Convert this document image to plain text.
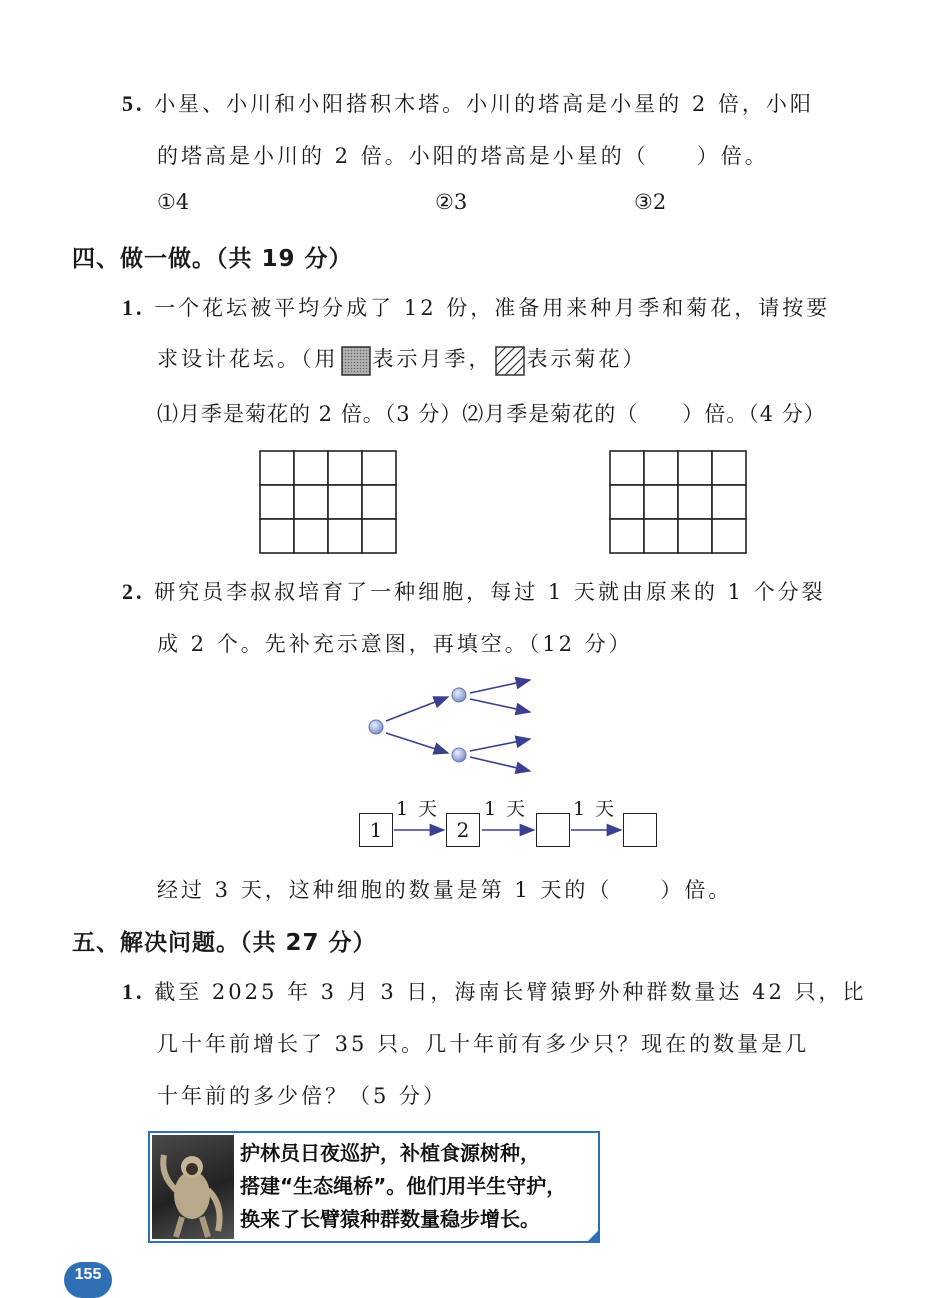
5. 小星、小川和小阳搭积木塔。小川的塔高是小星的 2 倍，小阳
的塔高是小川的 2 倍。小阳的塔高是小星的（　　）倍。
①4	②3	③2
四、做一做。（共 19 分）
1. 一个花坛被平均分成了 12 份，准备用来种月季和菊花，请按要
求设计花坛。（用 表示月季， 表示菊花）
⑴月季是菊花的 2 倍。（3 分）⑵月季是菊花的（　　）倍。（4 分）
2. 研究员李叔叔培育了一种细胞，每过 1 天就由原来的 1 个分裂
成 2 个。先补充示意图，再填空。（12 分）
1	2
1 天 1 天 1 天
经过 3 天，这种细胞的数量是第 1 天的（　　）倍。
五、解决问题。（共 27 分）
1. 截至 2025 年 3 月 3 日，海南长臂猿野外种群数量达 42 只，比
几十年前增长了 35 只。几十年前有多少只？现在的数量是几
十年前的多少倍？（5 分）
护林员日夜巡护，补植食源树种，
搭建“生态绳桥”。他们用半生守护，
换来了长臂猿种群数量稳步增长。
155
